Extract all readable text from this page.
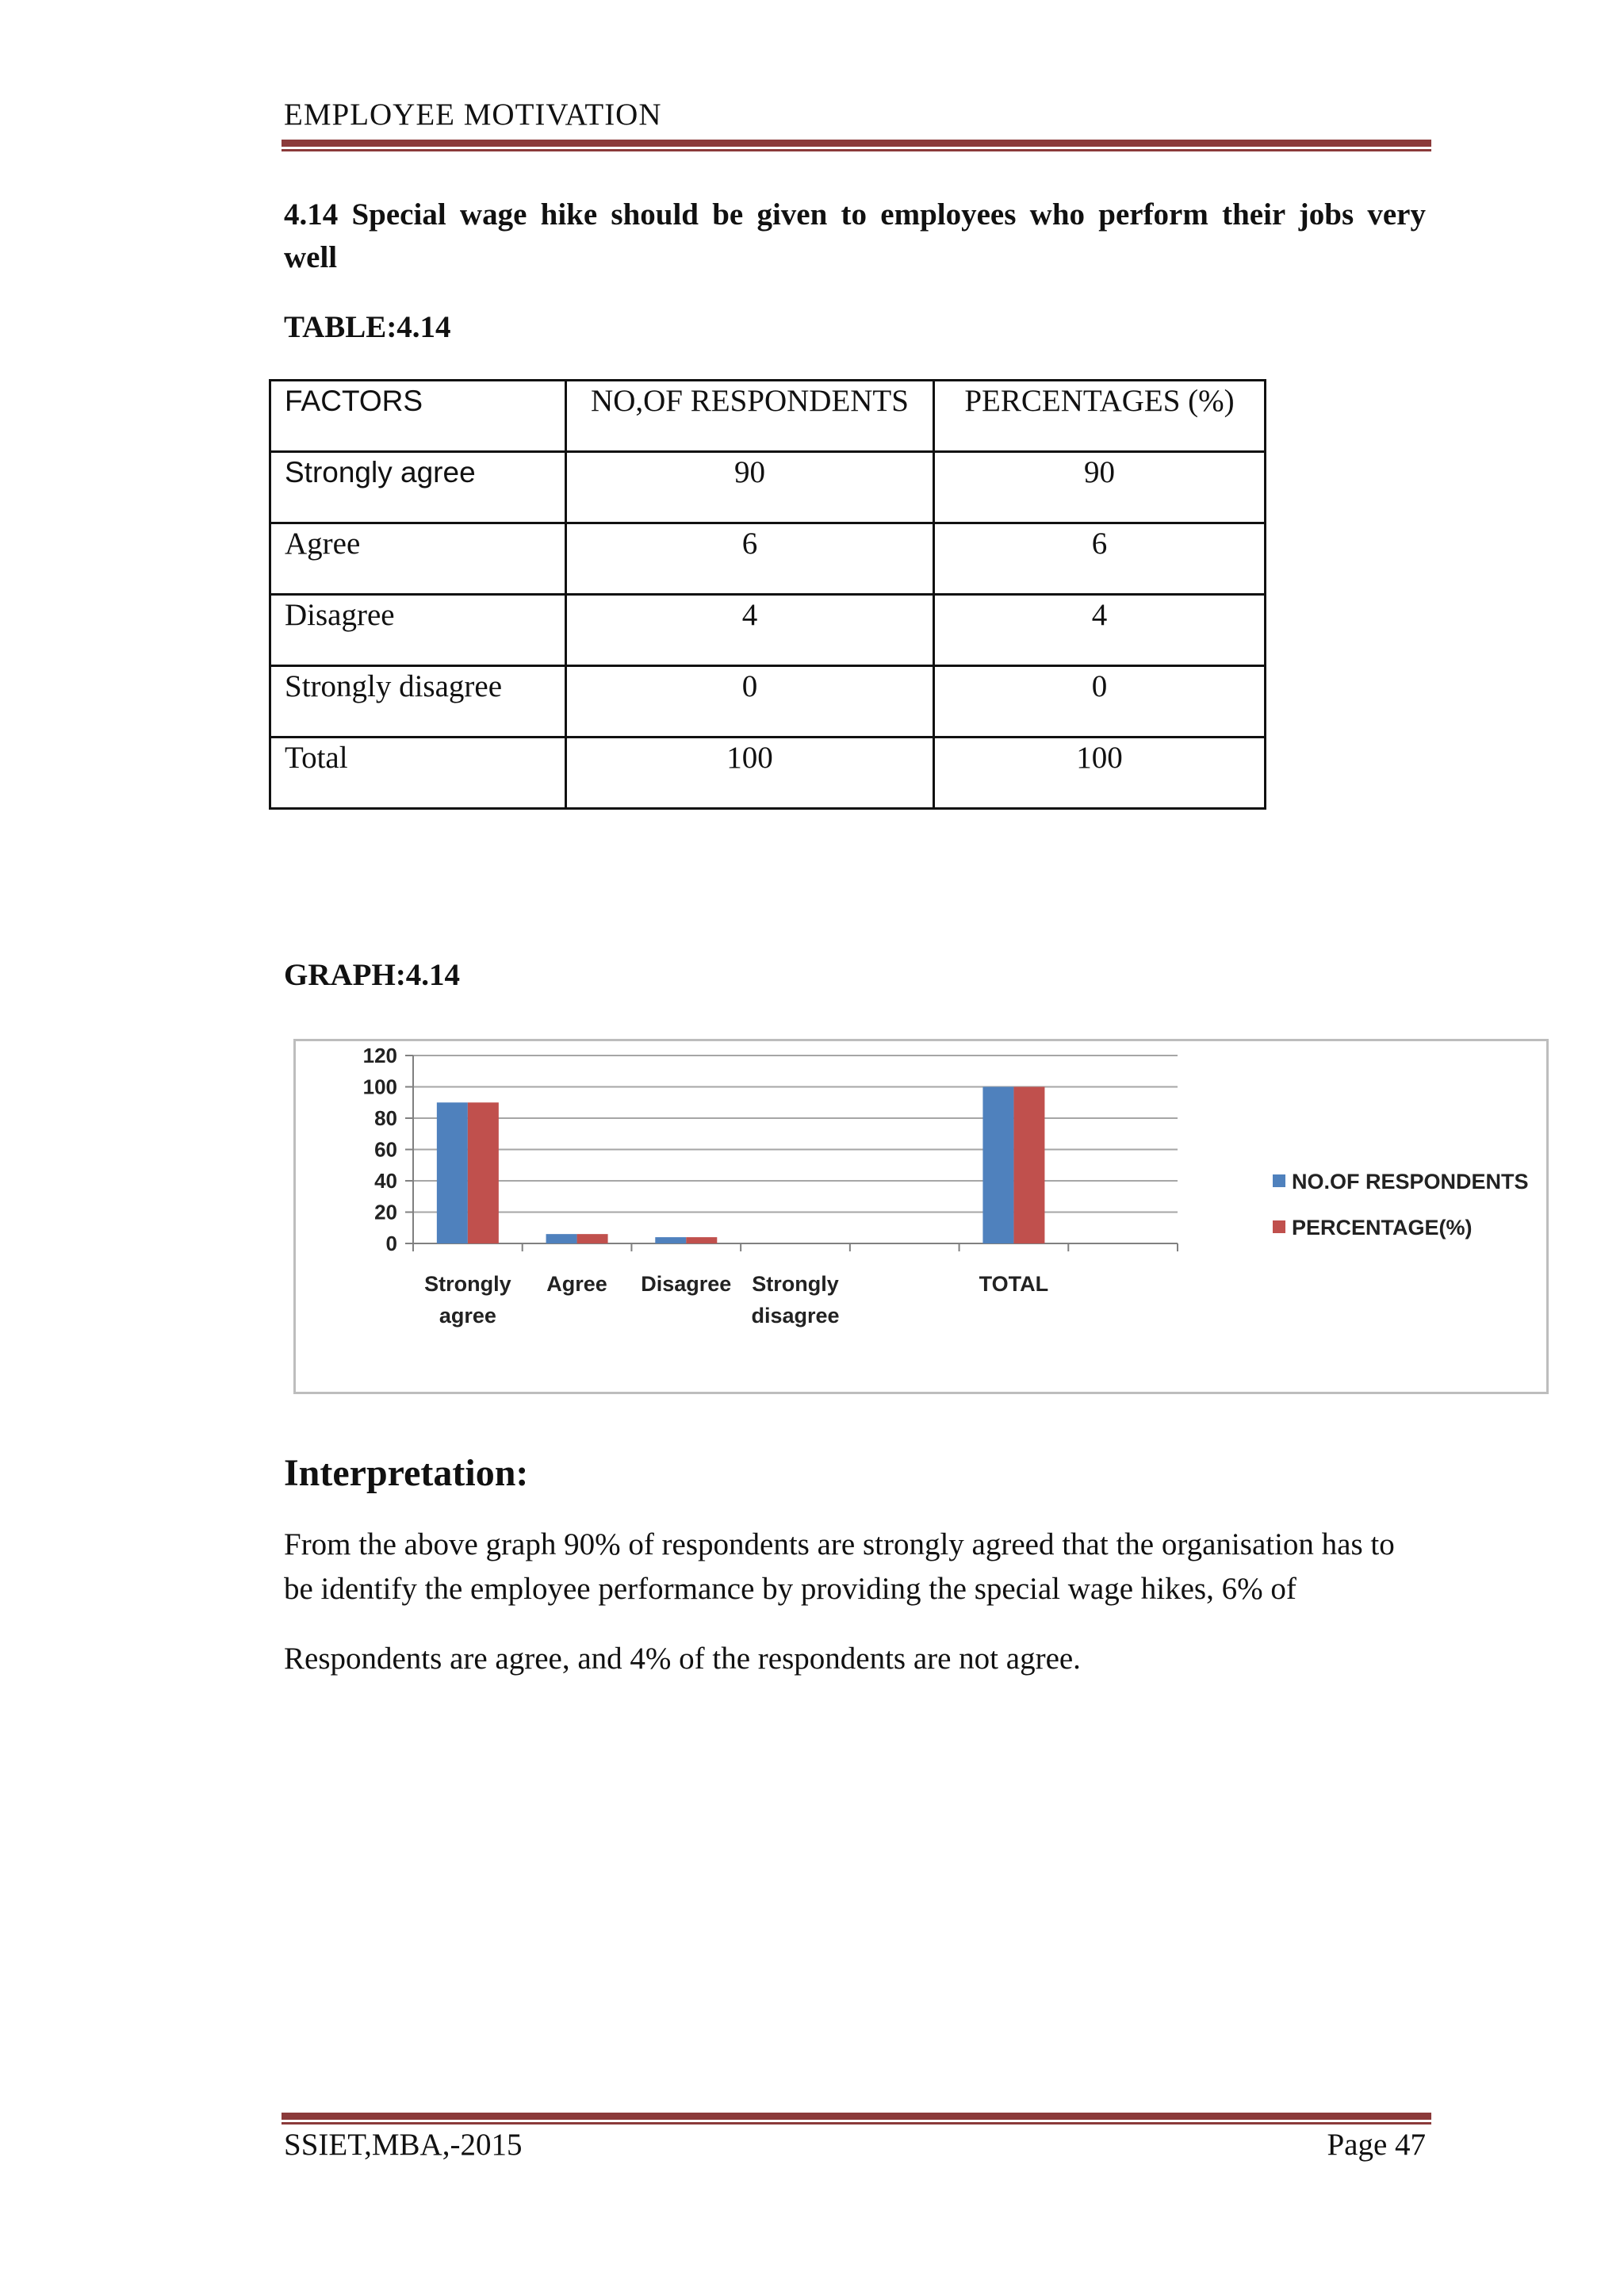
EMPLOYEE MOTIVATION
4.14 Special wage hike should be given to employees who perform their jobs very well
TABLE:4.14
FACTORS	NO,OF RESPONDENTS	PERCENTAGES (%)
Strongly agree	90	90
Agree	6	6
Disagree	4	4
Strongly disagree	0	0
Total	100	100
GRAPH:4.14
0
20
40
60
80
100
120
Strongly
agree
Agree Disagree Strongly
disagree
TOTAL
NO.OF RESPONDENTS
PERCENTAGE(%)
Interpretation:

From the above graph 90% of respondents are strongly agreed that the organisation has to be identify the employee performance by providing the special wage hikes, 6% of

Respondents are agree, and 4% of the respondents are not agree.

SSIET,MBA,-2015	Page 47
